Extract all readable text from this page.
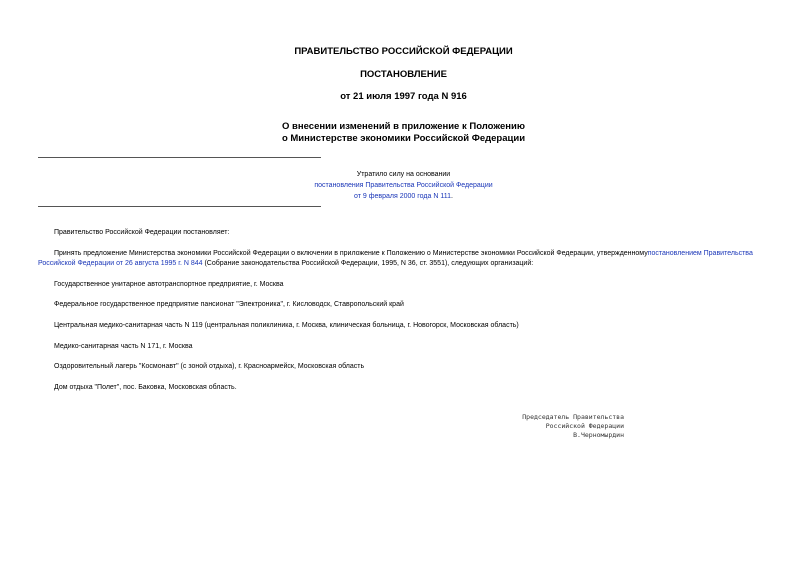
ПРАВИТЕЛЬСТВО РОССИЙСКОЙ ФЕДЕРАЦИИ
ПОСТАНОВЛЕНИЕ
от 21 июля 1997 года N 916
О внесении изменений в приложение к Положению
о Министерстве экономики Российской Федерации
Утратило силу на основании
постановления Правительства Российской Федерации
от 9 февраля 2000 года N 111.

Правительство Российской Федерации постановляет:

Принять предложение Министерства экономики Российской Федерации о включении в приложение к Положению о Министерстве экономики Российской Федерации, утвержденномупостановлением Правительства Российской Федерации от 26 августа 1995 г. N 844 (Собрание законодательства Российской Федерации, 1995, N 36, ст. 3551), следующих организаций:

Государственное унитарное автотранспортное предприятие, г. Москва

Федеральное государственное предприятие пансионат "Электроника", г. Кисловодск, Ставропольский край

Центральная медико-санитарная часть N 119 (центральная поликлиника, г. Москва, клиническая больница, г. Новогорск, Московская область)

Медико-санитарная часть N 171, г. Москва

Оздоровительный лагерь "Космонавт" (с зоной отдыха), г. Красноармейск, Московская область

Дом отдыха "Полет", пос. Баковка, Московская область.

Председатель Правительства
Российской Федерации
В.Черномырдин
